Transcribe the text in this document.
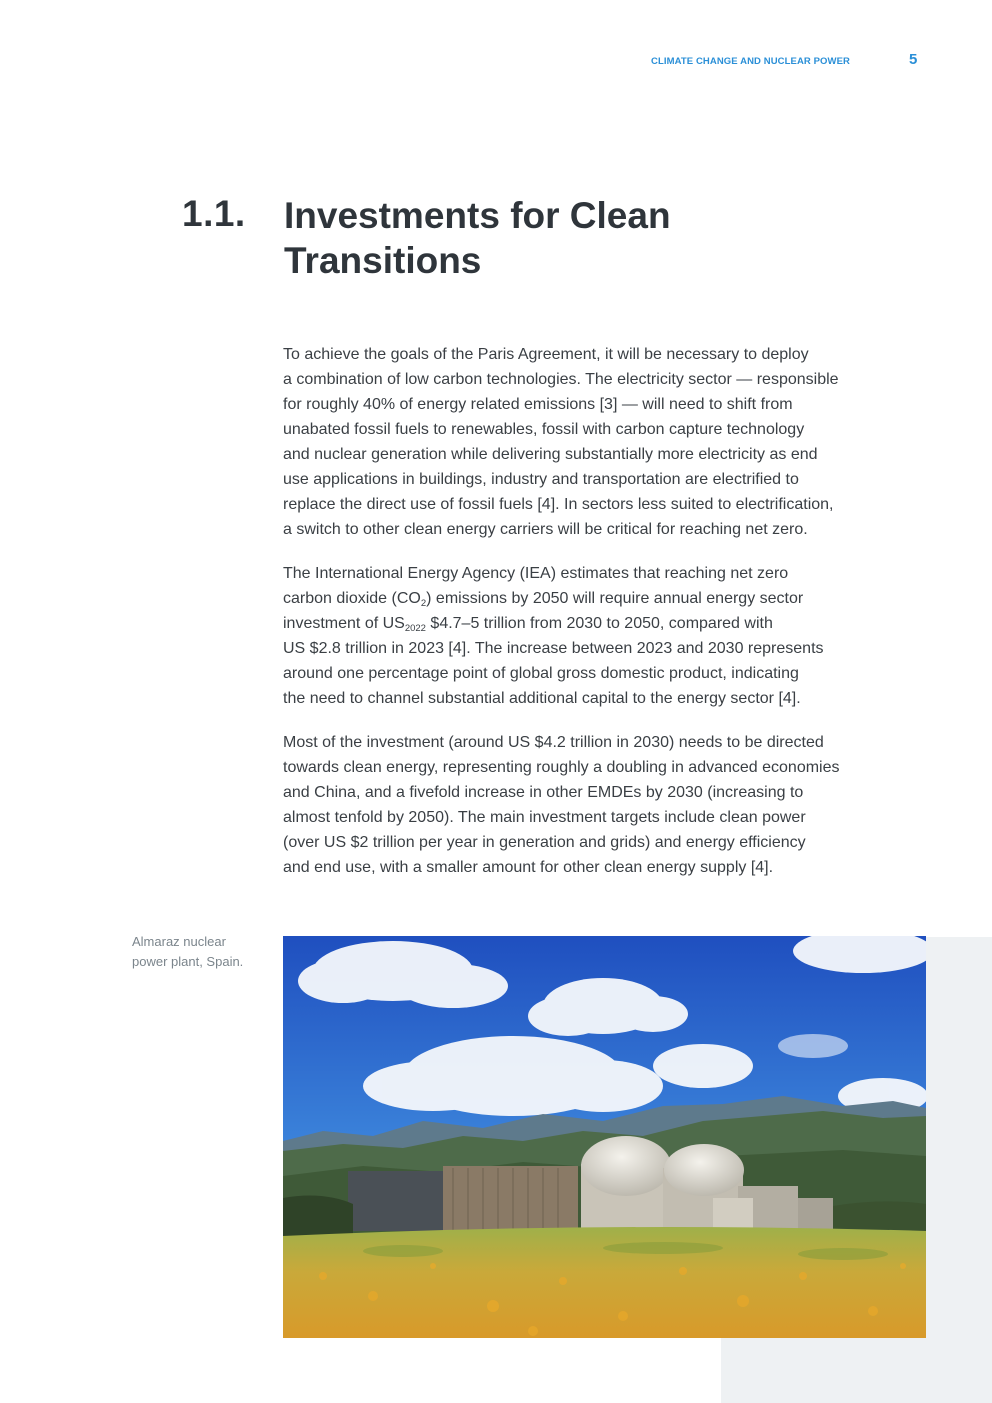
CLIMATE CHANGE AND NUCLEAR POWER	5
1.1. Investments for Clean
Transitions

To achieve the goals of the Paris Agreement, it will be necessary to deploy
a combination of low carbon technologies. The electricity sector — responsible
for roughly 40% of energy related emissions [3] — will need to shift from
unabated fossil fuels to renewables, fossil with carbon capture technology
and nuclear generation while delivering substantially more electricity as end
use applications in buildings, industry and transportation are electrified to
replace the direct use of fossil fuels [4]. In sectors less suited to electrification,
a switch to other clean energy carriers will be critical for reaching net zero.

The International Energy Agency (IEA) estimates that reaching net zero
carbon dioxide $(CO_2)$ emissions by 2050 will require annual energy sector
investment of $US_{2022}$ $4.7–5 trillion from 2030 to 2050, compared with
US $2.8 trillion in 2023 [4]. The increase between 2023 and 2030 represents
around one percentage point of global gross domestic product, indicating
the need to channel substantial additional capital to the energy sector [4].

Most of the investment (around US $4.2 trillion in 2030) needs to be directed
towards clean energy, representing roughly a doubling in advanced economies
and China, and a fivefold increase in other EMDEs by 2030 (increasing to
almost tenfold by 2050). The main investment targets include clean power
(over US $2 trillion per year in generation and grids) and energy efficiency
and end use, with a smaller amount for other clean energy supply [4].

Almaraz nuclear
power plant, Spain.
